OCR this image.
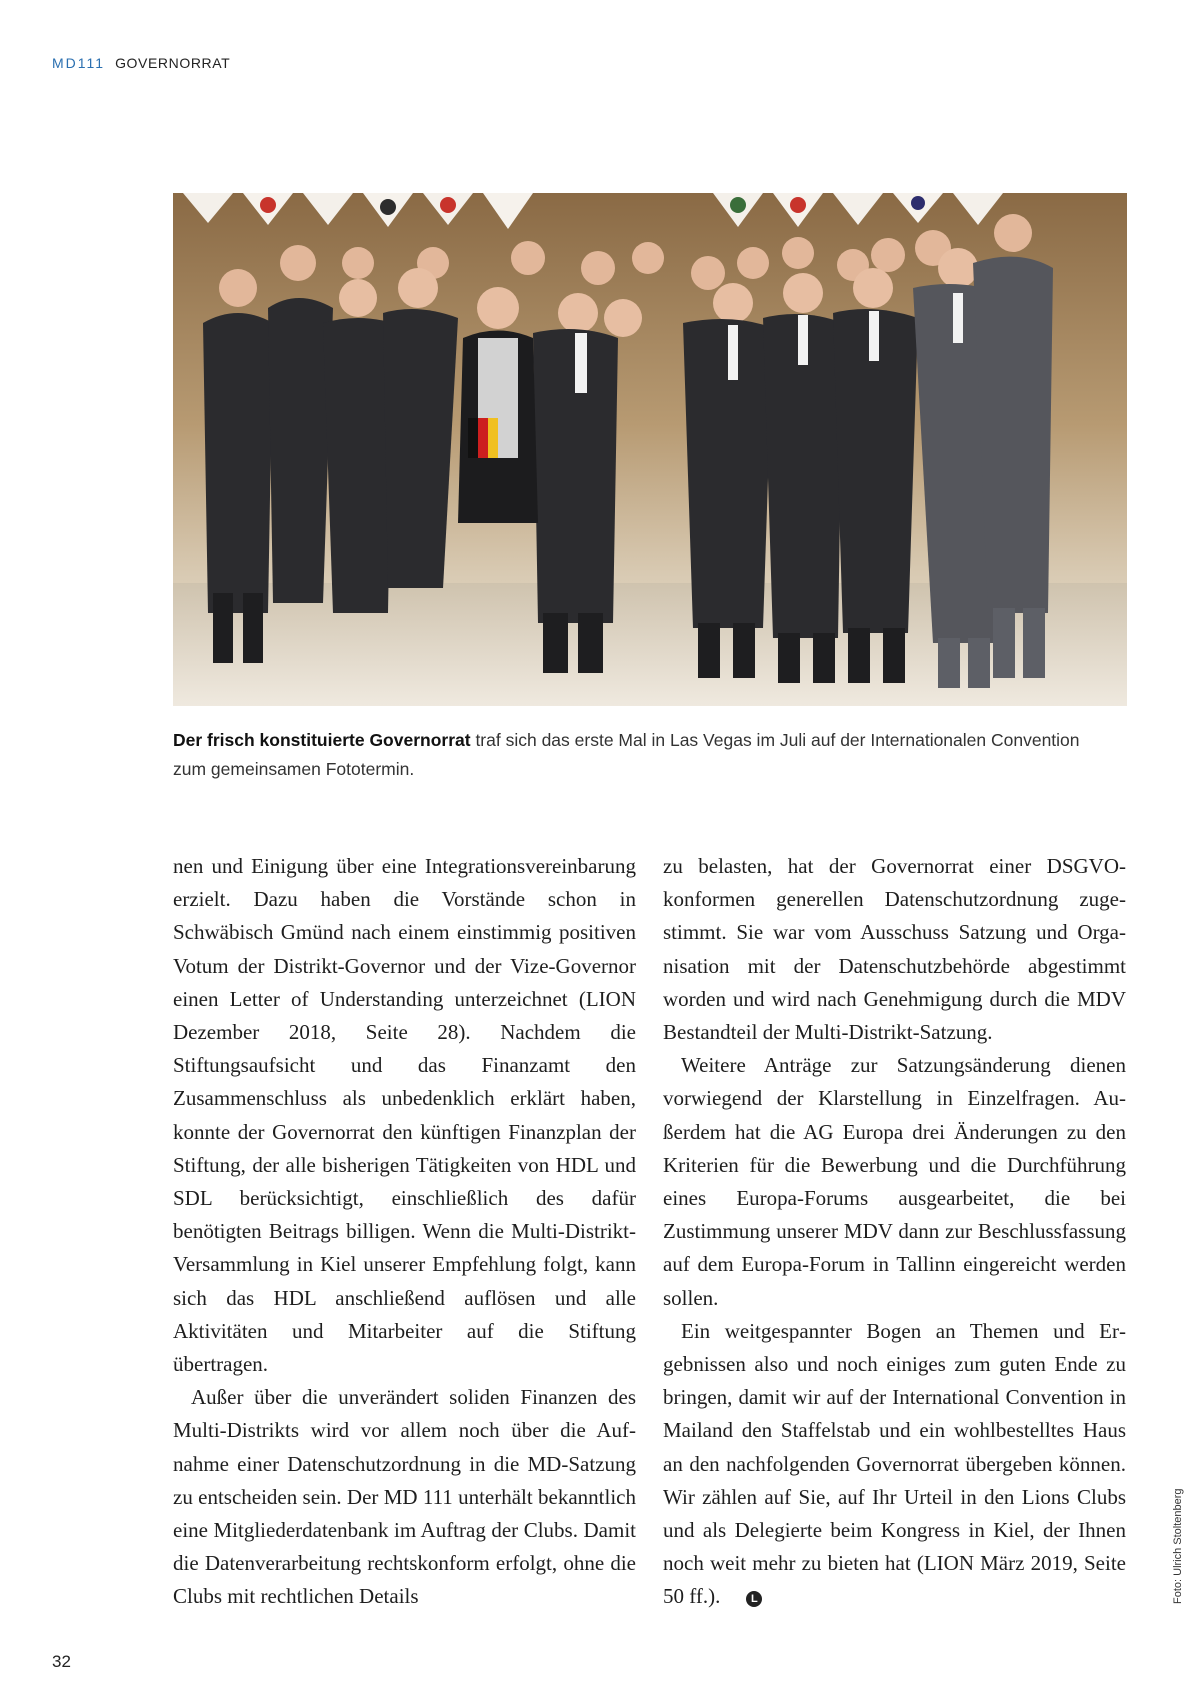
MD111 GOVERNORRAT
Der frisch konstituierte Governorrat traf sich das erste Mal in Las Vegas im Juli auf der Internationalen Convention zum gemeinsamen Fototermin.

nen und Einigung über eine Integrationsvereinbarung erzielt. Dazu haben die Vorstände schon in Schwäbisch Gmünd nach einem einstimmig positiven Votum der Distrikt-Governor und der Vize-Governor einen Letter of Understanding unterzeichnet (LION Dezember 2018, Seite 28). Nachdem die Stiftungsaufsicht und das Finanzamt den Zusammenschluss als unbedenklich erklärt haben, konnte der Governorrat den künftigen Finanzplan der Stiftung, der alle bisherigen Tätigkeiten von HDL und SDL berücksichtigt, einschließlich des dafür benötigten Beitrags billigen. Wenn die Multi-Distrikt-Versammlung in Kiel unserer Empfehlung folgt, kann sich das HDL anschließend auflösen und alle Aktivitäten und Mitarbeiter auf die Stiftung übertragen.

Außer über die unverändert soliden Finanzen des Multi-Distrikts wird vor allem noch über die Aufnahme einer Datenschutzordnung in die MD-Satzung zu entscheiden sein. Der MD 111 unterhält bekanntlich eine Mitgliederdatenbank im Auftrag der Clubs. Damit die Datenverarbeitung rechtskonform erfolgt, ohne die Clubs mit rechtlichen Details

zu belasten, hat der Governorrat einer DSGVO-konformen generellen Datenschutzordnung zugestimmt. Sie war vom Ausschuss Satzung und Organisation mit der Datenschutzbehörde abgestimmt worden und wird nach Genehmigung durch die MDV Bestandteil der Multi-Distrikt-Satzung.

Weitere Anträge zur Satzungsänderung dienen vorwiegend der Klarstellung in Einzelfragen. Außerdem hat die AG Europa drei Änderungen zu den Kriterien für die Bewerbung und die Durchführung eines Europa-Forums ausgearbeitet, die bei Zustimmung unserer MDV dann zur Beschlussfassung auf dem Europa-Forum in Tallinn eingereicht werden sollen.

Ein weitgespannter Bogen an Themen und Ergebnissen also und noch einiges zum guten Ende zu bringen, damit wir auf der International Convention in Mailand den Staffelstab und ein wohlbestelltes Haus an den nachfolgenden Governorrat übergeben können. Wir zählen auf Sie, auf Ihr Urteil in den Lions Clubs und als Delegierte beim Kongress in Kiel, der Ihnen noch weit mehr zu bieten hat (LION März 2019, Seite 50 ff.).	L	Foto: Ulrich Stoltenberg
32
